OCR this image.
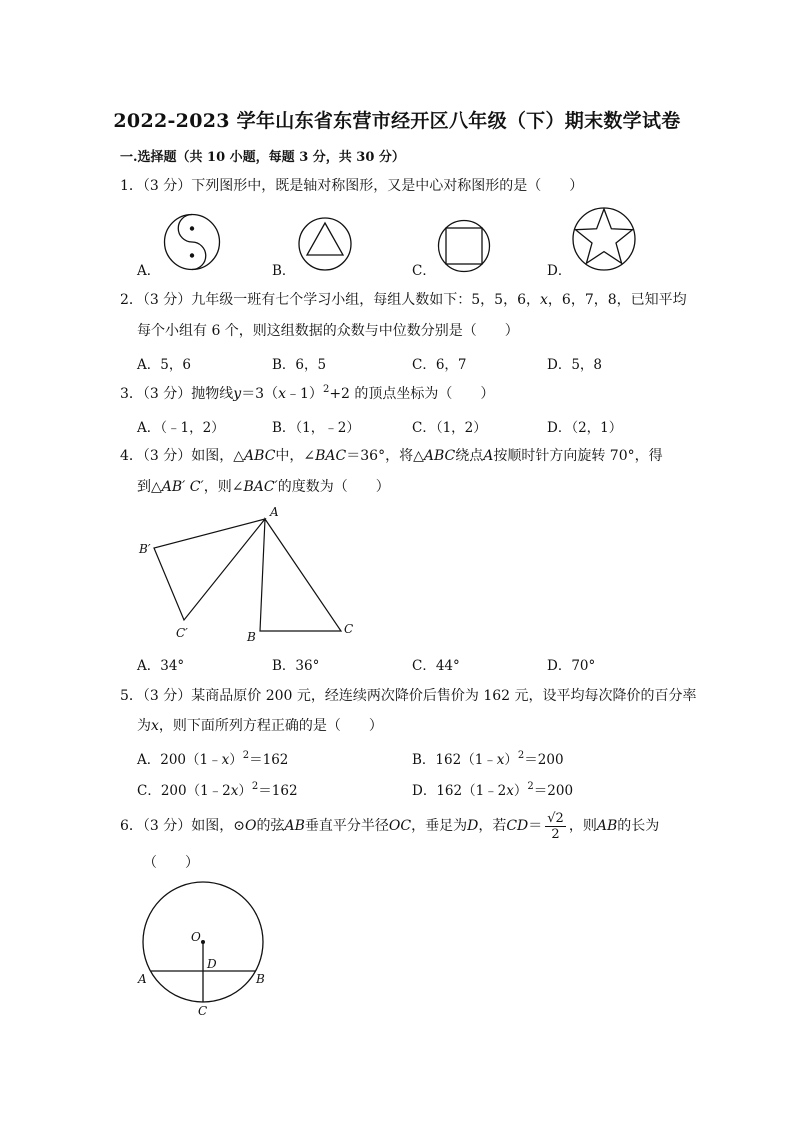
2022-2023 学年山东省东营市经开区八年级（下）期末数学试卷
一.选择题（共 10 小题，每题 3 分，共 30 分）
1．（3 分）下列图形中，既是轴对称图形，又是中心对称图形的是（　　）
A．	B．	C．	D．
2．（3 分）九年级一班有七个学习小组，每组人数如下：5，5，6，x，6，7，8，已知平均
每个小组有 6 个，则这组数据的众数与中位数分别是（　　）
A．5，6	B．6，5	C．6，7	D．5，8
3．（3 分）抛物线y＝3（x﹣1）$^2$+2 的顶点坐标为（　　）
A．（﹣1，2）	B．（1，﹣2）	C．（1，2）	D．（2，1）
4．（3 分）如图，△ABC中，∠BAC＝36°，将△ABC绕点A按顺时针方向旋转 70°，得
到△AB′ C′，则∠BAC′的度数为（　　）
A
B
C
B′
C′
A．34°	B．36°	C．44°	D．70°
5．（3 分）某商品原价 200 元，经连续两次降价后售价为 162 元，设平均每次降价的百分率
为x，则下面所列方程正确的是（　　）
A．200（1﹣x）$^2$＝162	B．162（1﹣x）$^2$＝200
C．200（1﹣2x）$^2$＝162	D．162（1﹣2x）$^2$＝200
6．（3 分）如图，⊙O的弦AB垂直平分半径OC，垂足为D，若$CD= \frac{√2}{2}$ ，则AB的长为
（　　）
O
D
A	B
C
